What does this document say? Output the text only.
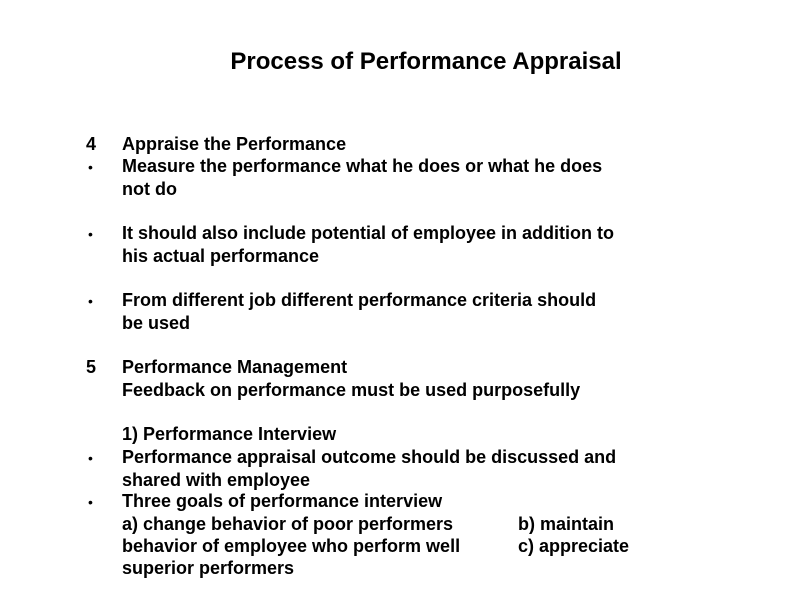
Process of Performance Appraisal
4	Appraise the Performance
•	Measure the performance what he does or what he does
not do
•	It should also include potential of employee in addition to
his actual performance
•	From different job different performance criteria should
be used
5	Performance Management
Feedback on performance must be used purposefully
1) Performance Interview
•	Performance appraisal outcome should be discussed and
shared with employee
•	Three goals of performance interview
a) change behavior of poor performers	b) maintain
behavior of employee who perform well	c) appreciate
superior performers
